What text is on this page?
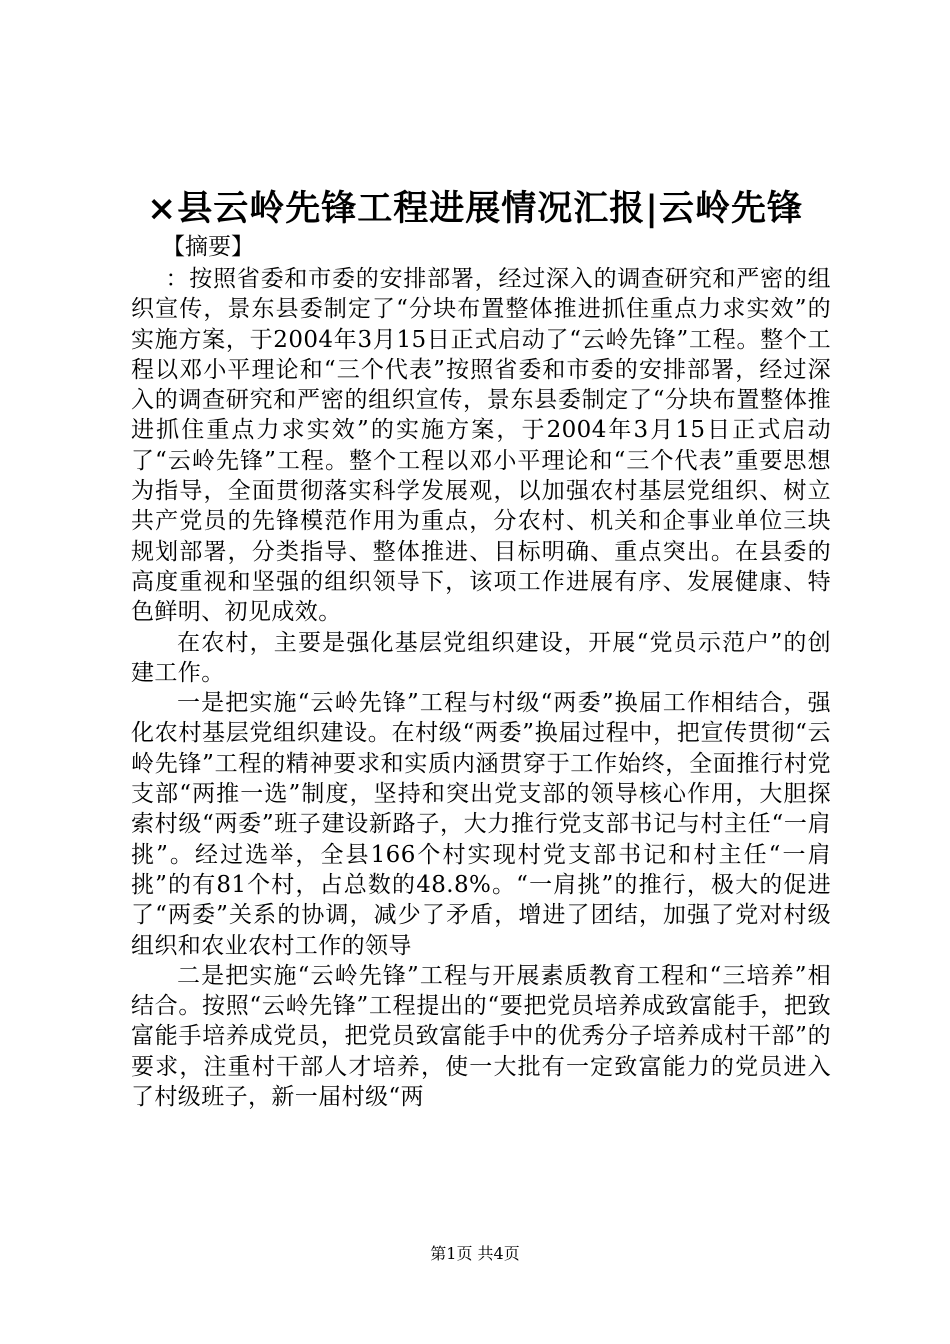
×县云岭先锋工程进展情况汇报|云岭先锋
【摘要】

：按照省委和市委的安排部署，经过深入的调查研究和严密的组织宣传，景东县委制定了“分块布置整体推进抓住重点力求实效”的实施方案，于2004年3月15日正式启动了“云岭先锋”工程。整个工程以邓小平理论和“三个代表”按照省委和市委的安排部署，经过深入的调查研究和严密的组织宣传，景东县委制定了“分块布置整体推进抓住重点力求实效”的实施方案，于2004年3月15日正式启动了“云岭先锋”工程。整个工程以邓小平理论和“三个代表”重要思想为指导，全面贯彻落实科学发展观，以加强农村基层党组织、树立共产党员的先锋模范作用为重点，分农村、机关和企事业单位三块规划部署，分类指导、整体推进、目标明确、重点突出。在县委的高度重视和坚强的组织领导下，该项工作进展有序、发展健康、特色鲜明、初见成效。

在农村，主要是强化基层党组织建设，开展“党员示范户”的创建工作。

一是把实施“云岭先锋”工程与村级“两委”换届工作相结合，强化农村基层党组织建设。在村级“两委”换届过程中，把宣传贯彻“云岭先锋”工程的精神要求和实质内涵贯穿于工作始终，全面推行村党支部“两推一选”制度，坚持和突出党支部的领导核心作用，大胆探索村级“两委”班子建设新路子，大力推行党支部书记与村主任“一肩挑”。经过选举，全县166个村实现村党支部书记和村主任“一肩挑”的有81个村，占总数的48.8%。“一肩挑”的推行，极大的促进了“两委”关系的协调，减少了矛盾，增进了团结，加强了党对村级组织和农业农村工作的领导

二是把实施“云岭先锋”工程与开展素质教育工程和“三培养”相结合。按照“云岭先锋”工程提出的“要把党员培养成致富能手，把致富能手培养成党员，把党员致富能手中的优秀分子培养成村干部”的要求，注重村干部人才培养，使一大批有一定致富能力的党员进入了村级班子，新一届村级“两

第1页 共4页
